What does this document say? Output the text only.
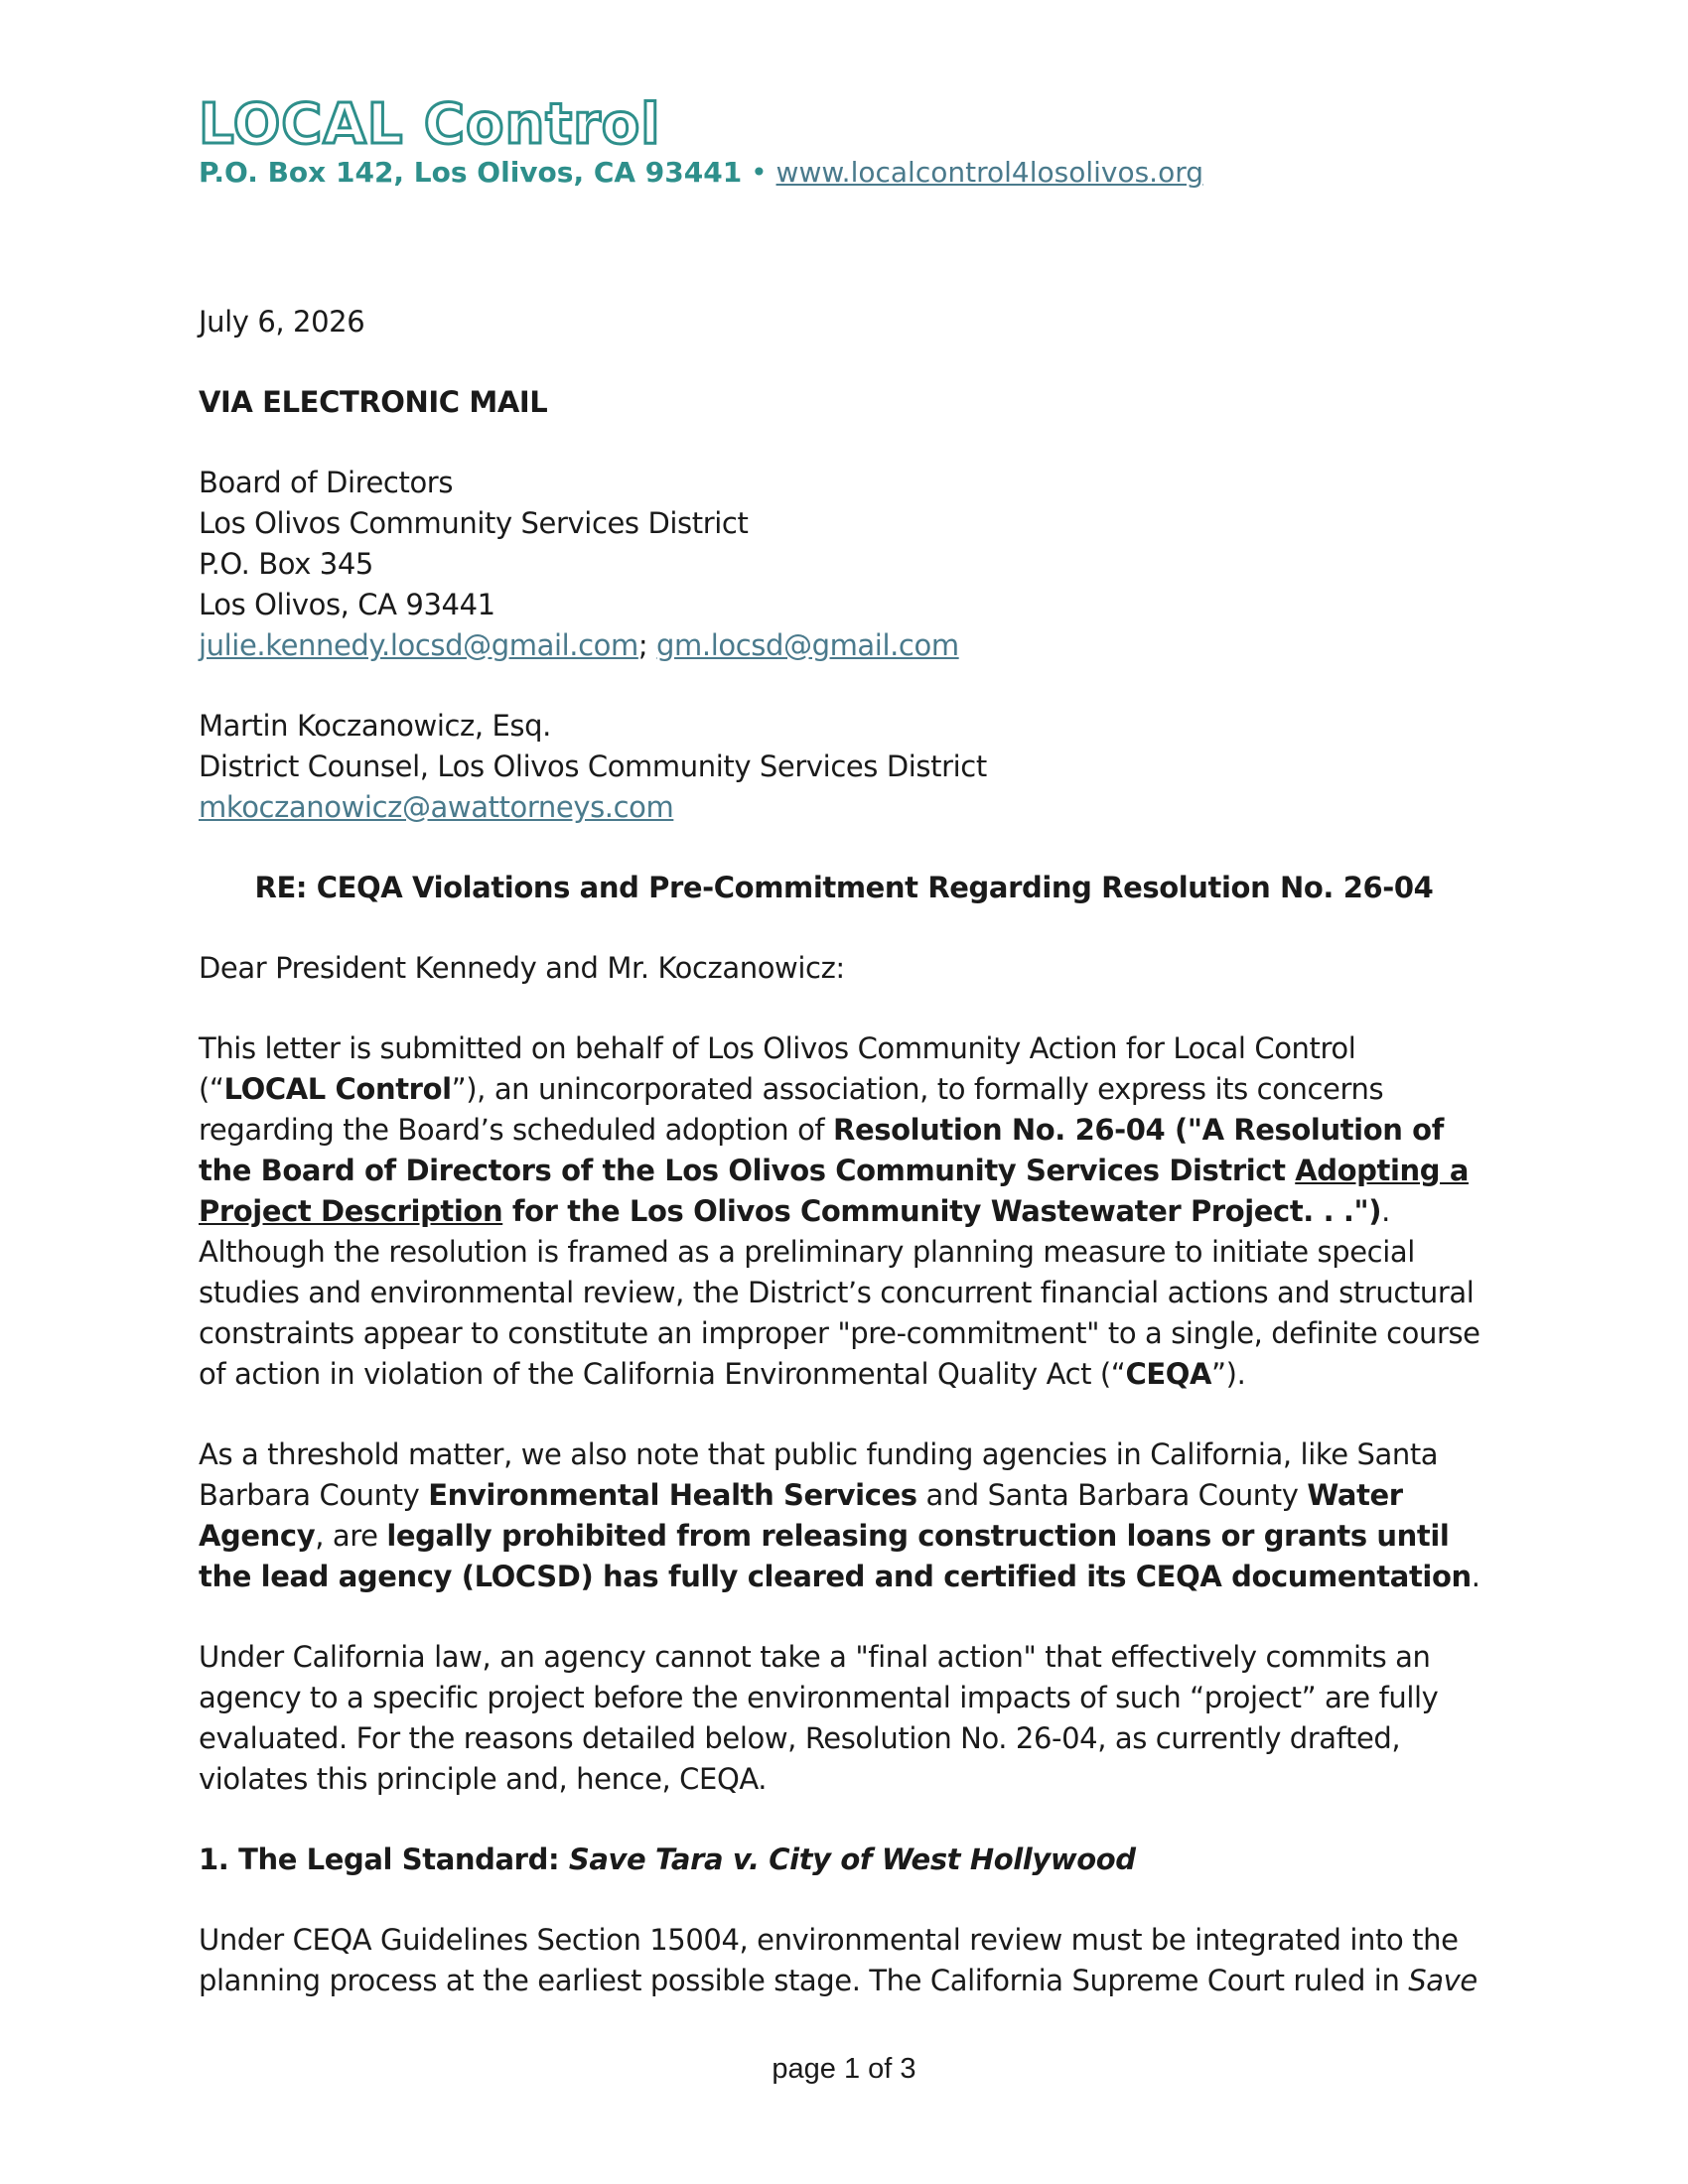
LOCAL Control
P.O. Box 142, Los Olivos, CA 93441 • www.localcontrol4losolivos.org
July 6, 2026
VIA ELECTRONIC MAIL
Board of Directors
Los Olivos Community Services District
P.O. Box 345
Los Olivos, CA 93441
julie.kennedy.locsd@gmail.com; gm.locsd@gmail.com
Martin Koczanowicz, Esq.
District Counsel, Los Olivos Community Services District
mkoczanowicz@awattorneys.com
RE: CEQA Violations and Pre-Commitment Regarding Resolution No. 26-04
Dear President Kennedy and Mr. Koczanowicz:

This letter is submitted on behalf of Los Olivos Community Action for Local Control (“LOCAL Control”), an unincorporated association, to formally express its concerns regarding the Board’s scheduled adoption of Resolution No. 26-04 ("A Resolution of the Board of Directors of the Los Olivos Community Services District Adopting a Project Description for the Los Olivos Community Wastewater Project. . ."). Although the resolution is framed as a preliminary planning measure to initiate special studies and environmental review, the District’s concurrent financial actions and structural constraints appear to constitute an improper "pre-commitment" to a single, definite course of action in violation of the California Environmental Quality Act (“CEQA”).

As a threshold matter, we also note that public funding agencies in California, like Santa Barbara County Environmental Health Services and Santa Barbara County Water Agency, are legally prohibited from releasing construction loans or grants until the lead agency (LOCSD) has fully cleared and certified its CEQA documentation.

Under California law, an agency cannot take a "final action" that effectively commits an agency to a specific project before the environmental impacts of such “project” are fully evaluated. For the reasons detailed below, Resolution No. 26-04, as currently drafted, violates this principle and, hence, CEQA.

1. The Legal Standard: Save Tara v. City of West Hollywood

Under CEQA Guidelines Section 15004, environmental review must be integrated into the planning process at the earliest possible stage. The California Supreme Court ruled in Save

page 1 of 3
